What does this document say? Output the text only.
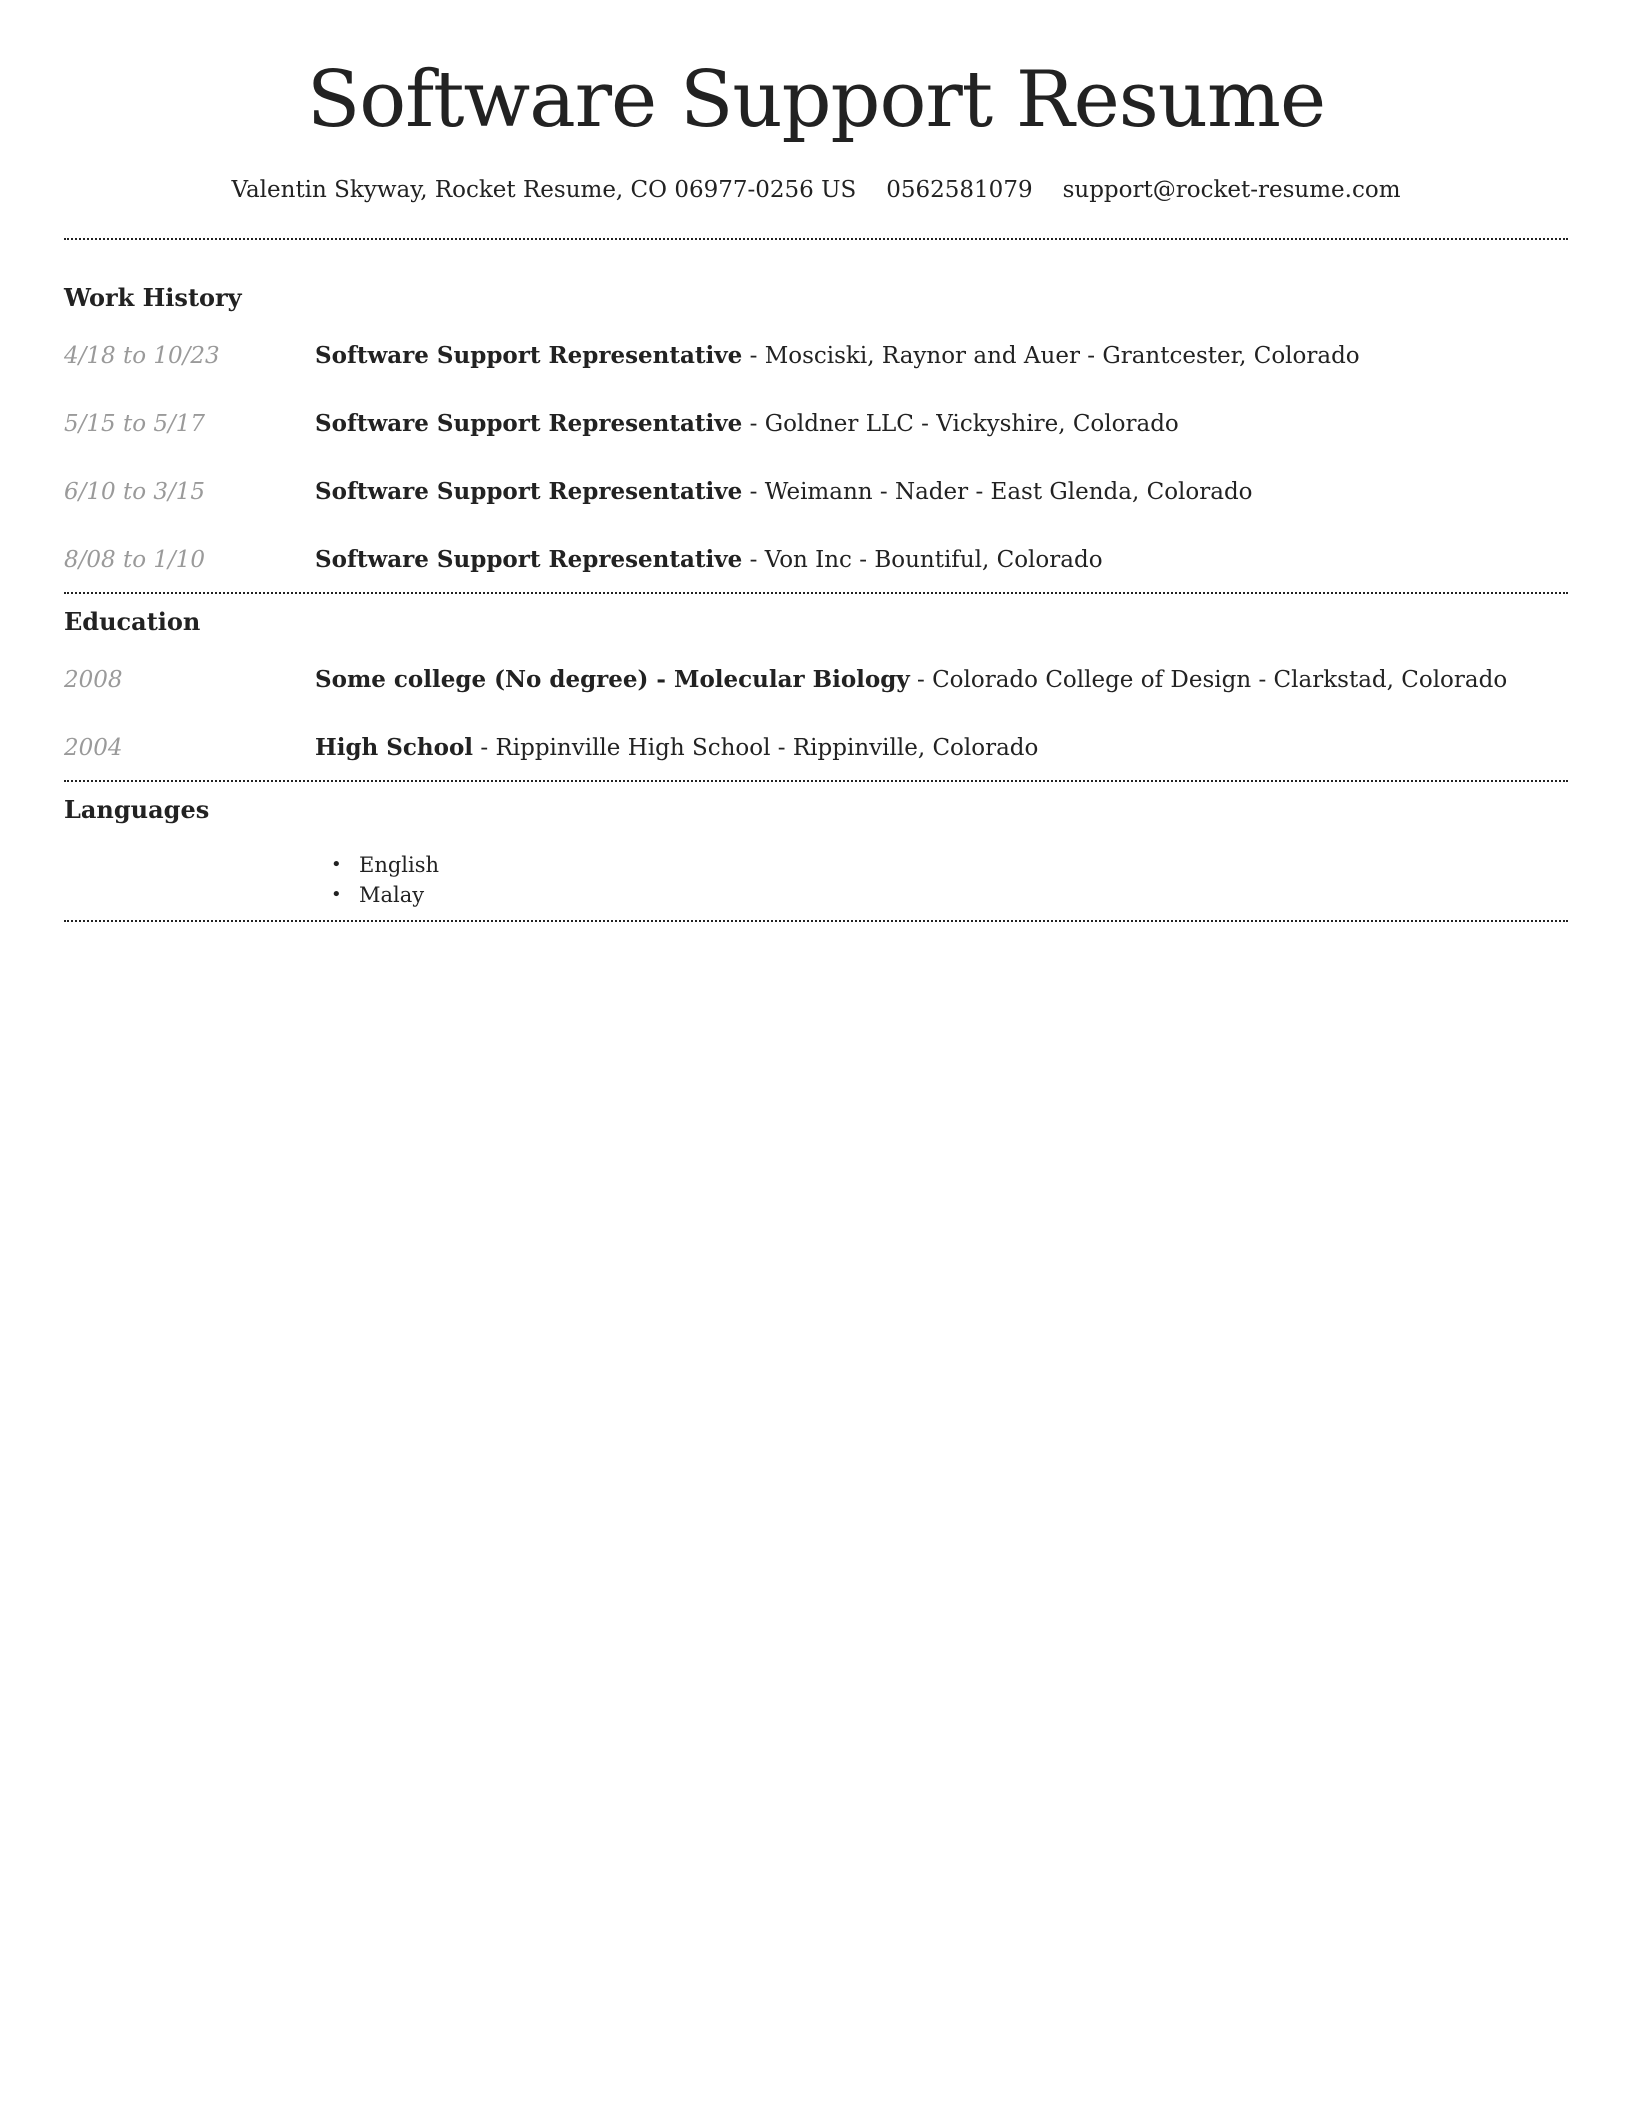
Software Support Resume
Valentin Skyway, Rocket Resume, CO 06977-0256 US 0562581079 support@rocket-resume.com
Work History
4/18 to 10/23	Software Support Representative - Mosciski, Raynor and Auer - Grantcester, Colorado
5/15 to 5/17	Software Support Representative - Goldner LLC - Vickyshire, Colorado
6/10 to 3/15	Software Support Representative - Weimann - Nader - East Glenda, Colorado
8/08 to 1/10	Software Support Representative - Von Inc - Bountiful, Colorado
Education
2008	Some college (No degree) - Molecular Biology - Colorado College of Design - Clarkstad, Colorado
2004	High School - Rippinville High School - Rippinville, Colorado
Languages
• English
• Malay
